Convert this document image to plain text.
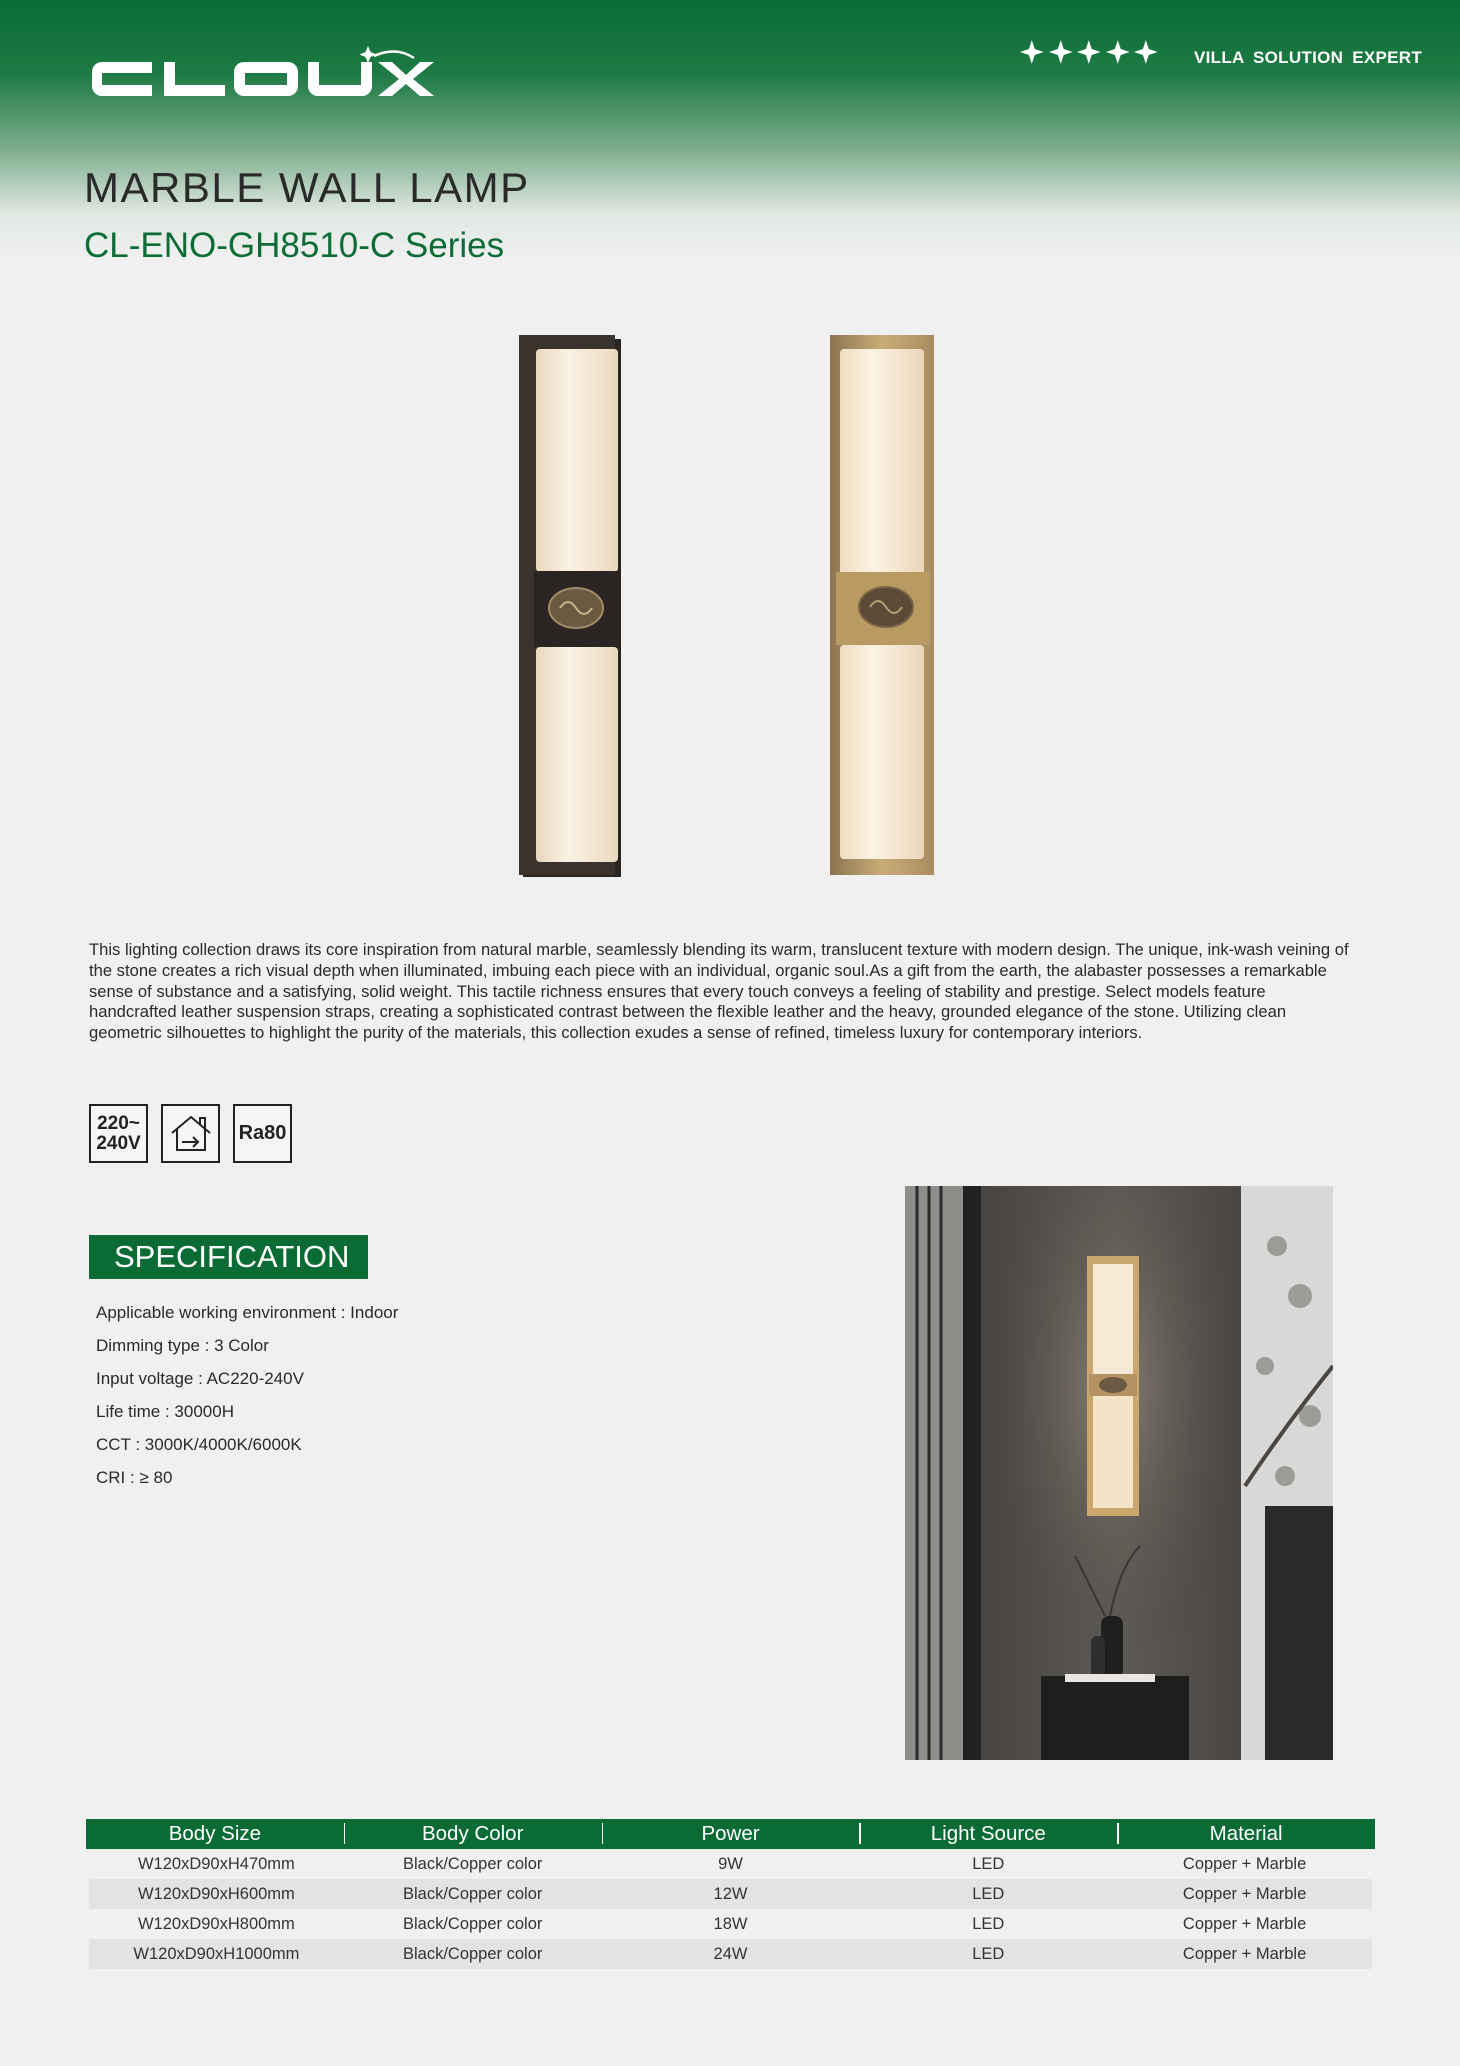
VILLA SOLUTION EXPERT
MARBLE WALL LAMP
CL-ENO-GH8510-C Series

This lighting collection draws its core inspiration from natural marble, seamlessly blending its warm, translucent texture with modern design. The unique, ink-wash veining of the stone creates a rich visual depth when illuminated, imbuing each piece with an individual, organic soul.As a gift from the earth, the alabaster possesses a remarkable sense of substance and a satisfying, solid weight. This tactile richness ensures that every touch conveys a feeling of stability and prestige. Select models feature handcrafted leather suspension straps, creating a sophisticated contrast between the flexible leather and the heavy, grounded elegance of the stone. Utilizing clean geometric silhouettes to highlight the purity of the materials, this collection exudes a sense of refined, timeless luxury for contemporary interiors.

220~
240V	Ra80
SPECIFICATION
Applicable working environment : Indoor
Dimming type : 3 Color
Input voltage : AC220-240V
Life time : 30000H
CCT : 3000K/4000K/6000K
CRI : ≥ 80
Body Size	Body Color	Power	Light Source	Material
W120xD90xH470mm	Black/Copper color	9W	LED	Copper + Marble
W120xD90xH600mm	Black/Copper color	12W	LED	Copper + Marble
W120xD90xH800mm	Black/Copper color	18W	LED	Copper + Marble
W120xD90xH1000mm	Black/Copper color	24W	LED	Copper + Marble
